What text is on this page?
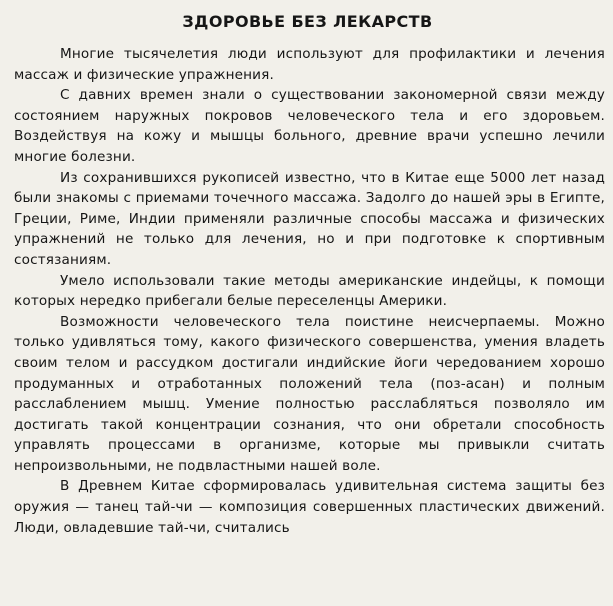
ЗДОРОВЬЕ БЕЗ ЛЕКАРСТВ

Многие тысячелетия люди используют для профилактики и лечения массаж и физические упражнения.

С давних времен знали о существовании закономерной связи между состоянием наружных покровов человеческого тела и его здоровьем. Воздействуя на кожу и мышцы больного, древние врачи успешно лечили многие болезни.

Из сохранившихся рукописей известно, что в Китае еще 5000 лет назад были знакомы с приемами точечного массажа. Задолго до нашей эры в Египте, Греции, Риме, Индии применяли различные способы массажа и физических упражнений не только для лечения, но и при подготовке к спортивным состязаниям.

Умело использовали такие методы американские индейцы, к помощи которых нередко прибегали белые переселенцы Америки.

Возможности человеческого тела поистине неисчерпаемы. Можно только удивляться тому, какого физического совершенства, умения владеть своим телом и рассудком достигали индийские йоги чередованием хорошо продуманных и отработанных положений тела (поз-асан) и полным расслаблением мышц. Умение полностью расслабляться позволяло им достигать такой концентрации сознания, что они обретали способность управлять процессами в организме, которые мы привыкли считать непроизвольными, не подвластными нашей воле.

В Древнем Китае сформировалась удивительная система защиты без оружия — танец тай-чи — композиция совершенных пластических движений. Люди, овладевшие тай-чи, считались
